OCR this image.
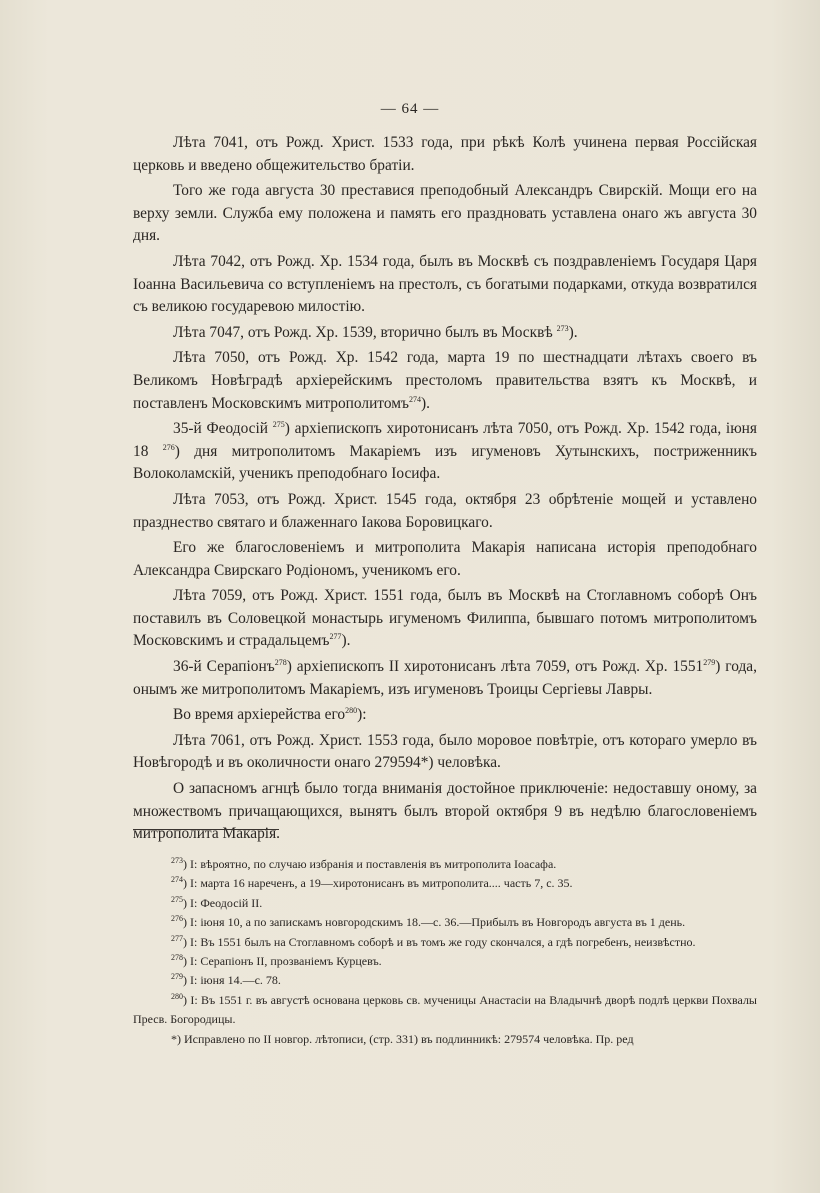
— 64 —

Лѣта 7041, отъ Рожд. Христ. 1533 года, при рѣкѣ Колѣ учинена первая Россiйская церковь и введено общежительство братiи.

Того же года августа 30 преставися преподобный Александръ Свирскiй. Мощи его на верху земли. Служба ему положена и память его праздновать уставлена онаго жъ августа 30 дня.

Лѣта 7042, отъ Рожд. Хр. 1534 года, былъ въ Москвѣ съ поздравленiемъ Государя Царя Iоанна Васильевича со вступленiемъ на престолъ, съ богатыми подарками, откуда возвратился съ великою государевою милостiю.

Лѣта 7047, отъ Рожд. Хр. 1539, вторично былъ въ Москвѣ $^{273}$).

Лѣта 7050, отъ Рожд. Хр. 1542 года, марта 19 по шестнадцати лѣтахъ своего въ Великомъ Новѣградѣ архiерейскимъ престоломъ правительства взятъ къ Москвѣ, и поставленъ Московскимъ митрополитомъ$^{274}$).

35-й Феодосiй $^{275}$) архiепископъ хиротонисанъ лѣта 7050, отъ Рожд. Хр. 1542 года, iюня 18 $^{276}$) дня митрополитомъ Макарiемъ изъ игуменовъ Хутынскихъ, постриженникъ Волоколамскiй, ученикъ преподобнаго Iосифа.

Лѣта 7053, отъ Рожд. Христ. 1545 года, октября 23 обрѣтенiе мощей и уставлено празднество святаго и блаженнаго Iакова Боровицкаго.

Его же благословенiемъ и митрополита Макарiя написана исторiя преподобнаго Александра Свирскаго Родiономъ, ученикомъ его.

Лѣта 7059, отъ Рожд. Христ. 1551 года, былъ въ Москвѣ на Стоглавномъ соборѣ Онъ поставилъ въ Соловецкой монастырь игуменомъ Филиппа, бывшаго потомъ митрополитомъ Московскимъ и страдальцемъ$^{277}$).

36-й Серапiонъ$^{278}$) архiепископъ II хиротонисанъ лѣта 7059, отъ Рожд. Хр. 1551$^{279}$) года, онымъ же митрополитомъ Макарiемъ, изъ игуменовъ Троицы Сергiевы Лавры.

Во время архiерейства его$^{280}$):

Лѣта 7061, отъ Рожд. Христ. 1553 года, было моровое повѣтрiе, отъ котораго умерло въ Новѣгородѣ и въ околичности онаго 279594*) человѣка.

О запасномъ агнцѣ было тогда вниманiя достойное приключенiе: недоставшу оному, за множествомъ причащающихся, вынятъ былъ второй октября 9 въ недѣлю благословенiемъ митрополита Макарiя.

$^{273}$) I: вѣроятно, по случаю избранiя и поставленiя въ митрополита Iоасафа.

$^{274}$) I: марта 16 нареченъ, а 19—хиротонисанъ въ митрополита.... часть 7, с. 35.

$^{275}$) I: Феодосiй II.

$^{276}$) I: iюня 10, а по запискамъ новгородскимъ 18.—с. 36.—Прибылъ въ Новгородъ августа въ 1 день.

$^{277}$) I: Въ 1551 былъ на Стоглавномъ соборѣ и въ томъ же году скончался, а гдѣ погребенъ, неизвѣстно.

$^{278}$) I: Серапiонъ II, прозванiемъ Курцевъ.

$^{279}$) I: iюня 14.—с. 78.

$^{280}$) I: Въ 1551 г. въ августѣ основана церковь св. мученицы Анастасiи на Владычнѣ дворѣ подлѣ церкви Похвалы Пресв. Богородицы.

*) Исправлено по II новгор. лѣтописи, (стр. 331) въ подлинникѣ: 279574 человѣка. Пр. ред
